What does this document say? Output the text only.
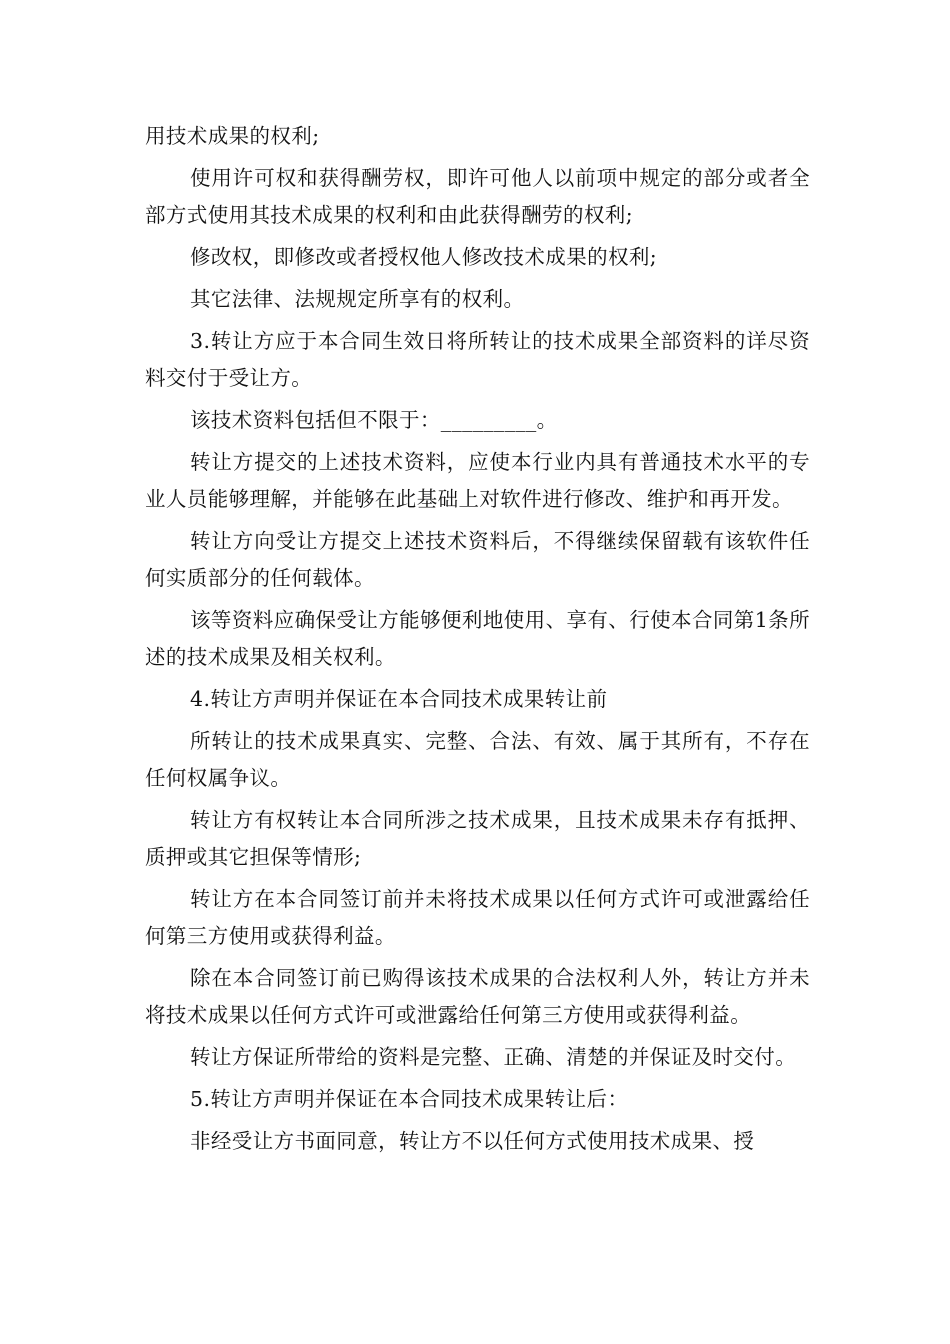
用技术成果的权利;

使用许可权和获得酬劳权，即许可他人以前项中规定的部分或者全部方式使用其技术成果的权利和由此获得酬劳的权利;

修改权，即修改或者授权他人修改技术成果的权利;

其它法律、法规规定所享有的权利。

3.转让方应于本合同生效日将所转让的技术成果全部资料的详尽资料交付于受让方。

该技术资料包括但不限于：_________。

转让方提交的上述技术资料，应使本行业内具有普通技术水平的专业人员能够理解，并能够在此基础上对软件进行修改、维护和再开发。

转让方向受让方提交上述技术资料后，不得继续保留载有该软件任何实质部分的任何载体。

该等资料应确保受让方能够便利地使用、享有、行使本合同第1条所述的技术成果及相关权利。

4.转让方声明并保证在本合同技术成果转让前

所转让的技术成果真实、完整、合法、有效、属于其所有，不存在任何权属争议。

转让方有权转让本合同所涉之技术成果，且技术成果未存有抵押、质押或其它担保等情形;

转让方在本合同签订前并未将技术成果以任何方式许可或泄露给任何第三方使用或获得利益。

除在本合同签订前已购得该技术成果的合法权利人外，转让方并未将技术成果以任何方式许可或泄露给任何第三方使用或获得利益。

转让方保证所带给的资料是完整、正确、清楚的并保证及时交付。

5.转让方声明并保证在本合同技术成果转让后：

非经受让方书面同意，转让方不以任何方式使用技术成果、授
